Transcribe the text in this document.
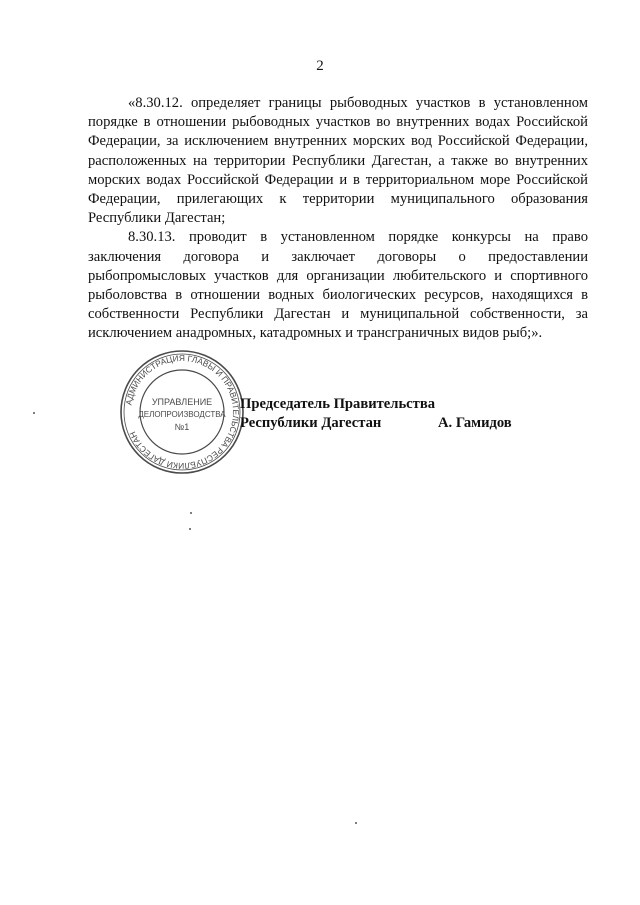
2

«8.30.12. определяет границы рыбоводных участков в установленном порядке в отношении рыбоводных участков во внутренних водах Российской Федерации, за исключением внутренних морских вод Российской Федерации, расположенных на территории Республики Дагестан, а также во внутренних морских водах Российской Федерации и в территориальном море Российской Федерации, прилегающих к территории муниципального образования Республики Дагестан;

8.30.13. проводит в установленном порядке конкурсы на право заключения договора и заключает договоры о предоставлении рыбопромысловых участков для организации любительского и спортивного рыболовства в отношении водных биологических ресурсов, находящихся в собственности Республики Дагестан и муниципальной собственности, за исключением анадромных, катадромных и трансграничных видов рыб;».

АДМИНИСТРАЦИЯ ГЛАВЫ И ПРАВИТЕЛЬСТВА РЕСПУБЛИКИ ДАГЕСТАН
УПРАВЛЕНИЕ
ДЕЛОПРОИЗВОДСТВА
№1
Председатель Правительства
Республики Дагестан	А. Гамидов
